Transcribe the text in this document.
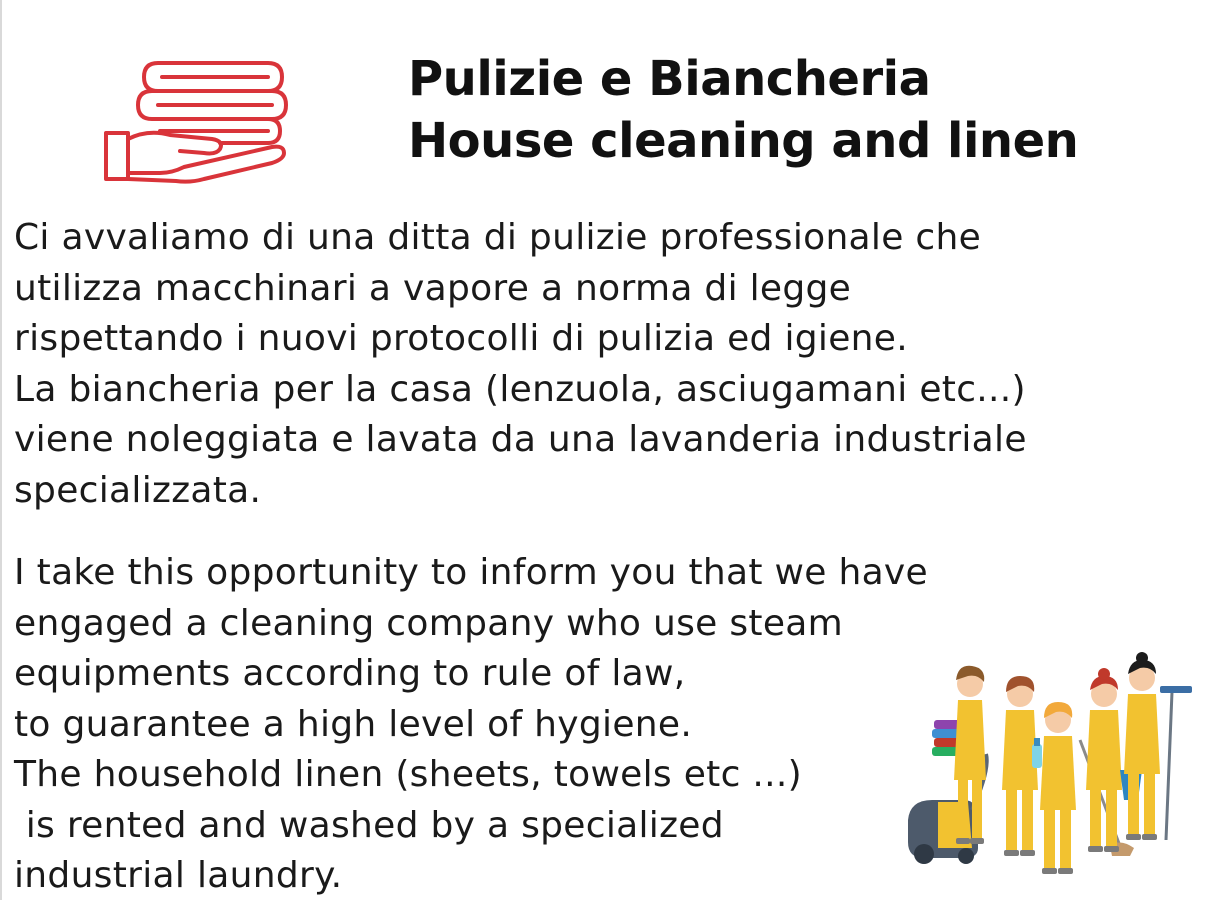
Pulizie e Biancheria
House cleaning and linen
Ci avvaliamo di una ditta di pulizie professionale che
utilizza macchinari a vapore a norma di legge
rispettando i nuovi protocolli di pulizia ed igiene.
La biancheria per la casa (lenzuola, asciugamani etc...)
viene noleggiata e lavata da una lavanderia industriale
specializzata.
I take this opportunity to inform you that we have
engaged a cleaning company who use steam
equipments according to rule of law,
to guarantee a high level of hygiene.
The household linen (sheets, towels etc ...)
is rented and washed by a specialized
industrial laundry.
